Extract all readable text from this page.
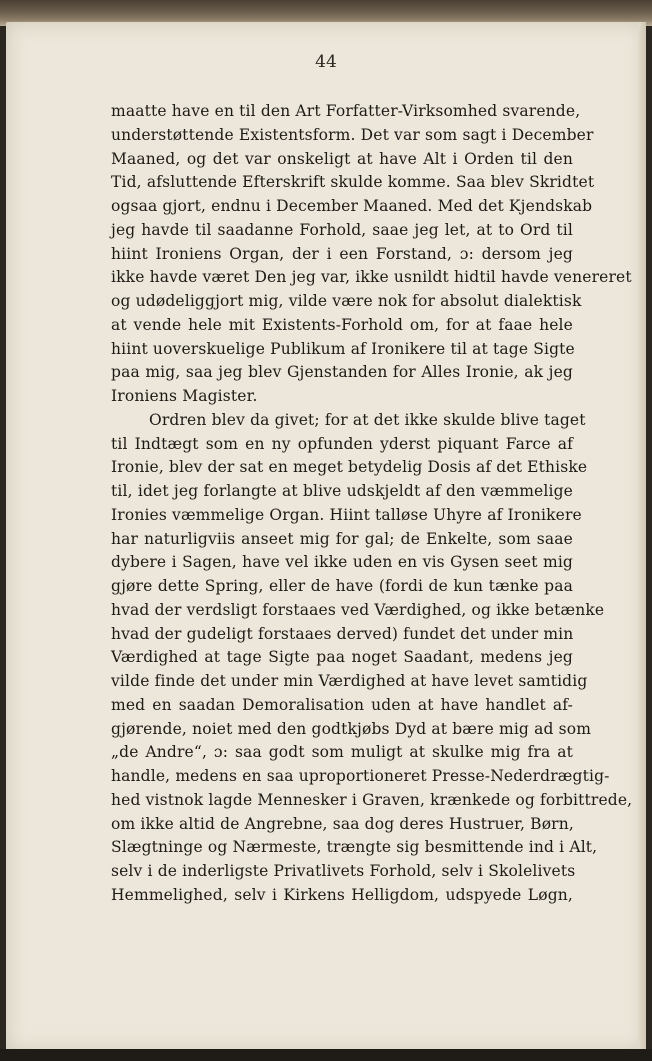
44
maatte have en til den Art Forfatter-Virksomhed svarende,
understøttende Existentsform. Det var som sagt i December
Maaned, og det var onskeligt at have Alt i Orden til den
Tid, afsluttende Efterskrift skulde komme. Saa blev Skridtet
ogsaa gjort, endnu i December Maaned. Med det Kjendskab
jeg havde til saadanne Forhold, saae jeg let, at to Ord til
hiint Ironiens Organ, der i een Forstand, ɔ: dersom jeg
ikke havde været Den jeg var, ikke usnildt hidtil havde venereret
og udødeliggjort mig, vilde være nok for absolut dialektisk
at vende hele mit Existents-Forhold om, for at faae hele
hiint uoverskuelige Publikum af Ironikere til at tage Sigte
paa mig, saa jeg blev Gjenstanden for Alles Ironie, ak jeg
Ironiens Magister.
Ordren blev da givet; for at det ikke skulde blive taget
til Indtægt som en ny opfunden yderst piquant Farce af
Ironie, blev der sat en meget betydelig Dosis af det Ethiske
til, idet jeg forlangte at blive udskjeldt af den væmmelige
Ironies væmmelige Organ. Hiint talløse Uhyre af Ironikere
har naturligviis anseet mig for gal; de Enkelte, som saae
dybere i Sagen, have vel ikke uden en vis Gysen seet mig
gjøre dette Spring, eller de have (fordi de kun tænke paa
hvad der verdsligt forstaaes ved Værdighed, og ikke betænke
hvad der gudeligt forstaaes derved) fundet det under min
Værdighed at tage Sigte paa noget Saadant, medens jeg
vilde finde det under min Værdighed at have levet samtidig
med en saadan Demoralisation uden at have handlet af-
gjørende, noiet med den godtkjøbs Dyd at bære mig ad som
„de Andre“, ɔ: saa godt som muligt at skulke mig fra at
handle, medens en saa uproportioneret Presse-Nederdrægtig-
hed vistnok lagde Mennesker i Graven, krænkede og forbittrede,
om ikke altid de Angrebne, saa dog deres Hustruer, Børn,
Slægtninge og Nærmeste, trængte sig besmittende ind i Alt,
selv i de inderligste Privatlivets Forhold, selv i Skolelivets
Hemmelighed, selv i Kirkens Helligdom, udspyede Løgn,
